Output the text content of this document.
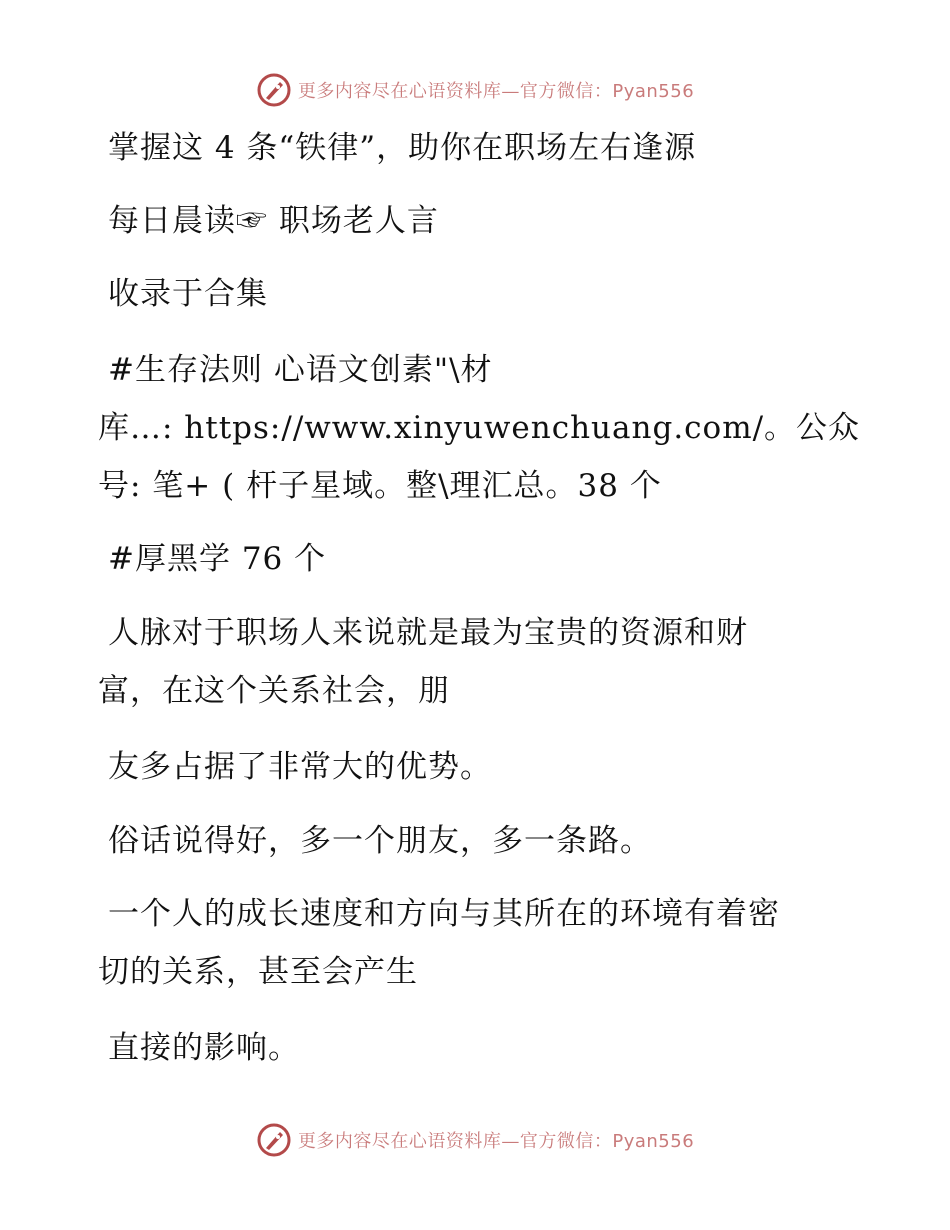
更多内容尽在心语资料库—官方微信：Pyan556
掌握这 4 条“铁律”，助你在职场左右逢源
每日晨读☞ 职场老人言
收录于合集
#生存法则 心语文创素"\材
库…: https://www.xinyuwenchuang.com/。公众
号: 笔+ ( 杆子星域。整\理汇总。38 个
#厚黑学 76 个
人脉对于职场人来说就是最为宝贵的资源和财
富，在这个关系社会，朋
友多占据了非常大的优势。
俗话说得好，多一个朋友，多一条路。
一个人的成长速度和方向与其所在的环境有着密
切的关系，甚至会产生
直接的影响。
更多内容尽在心语资料库—官方微信：Pyan556
